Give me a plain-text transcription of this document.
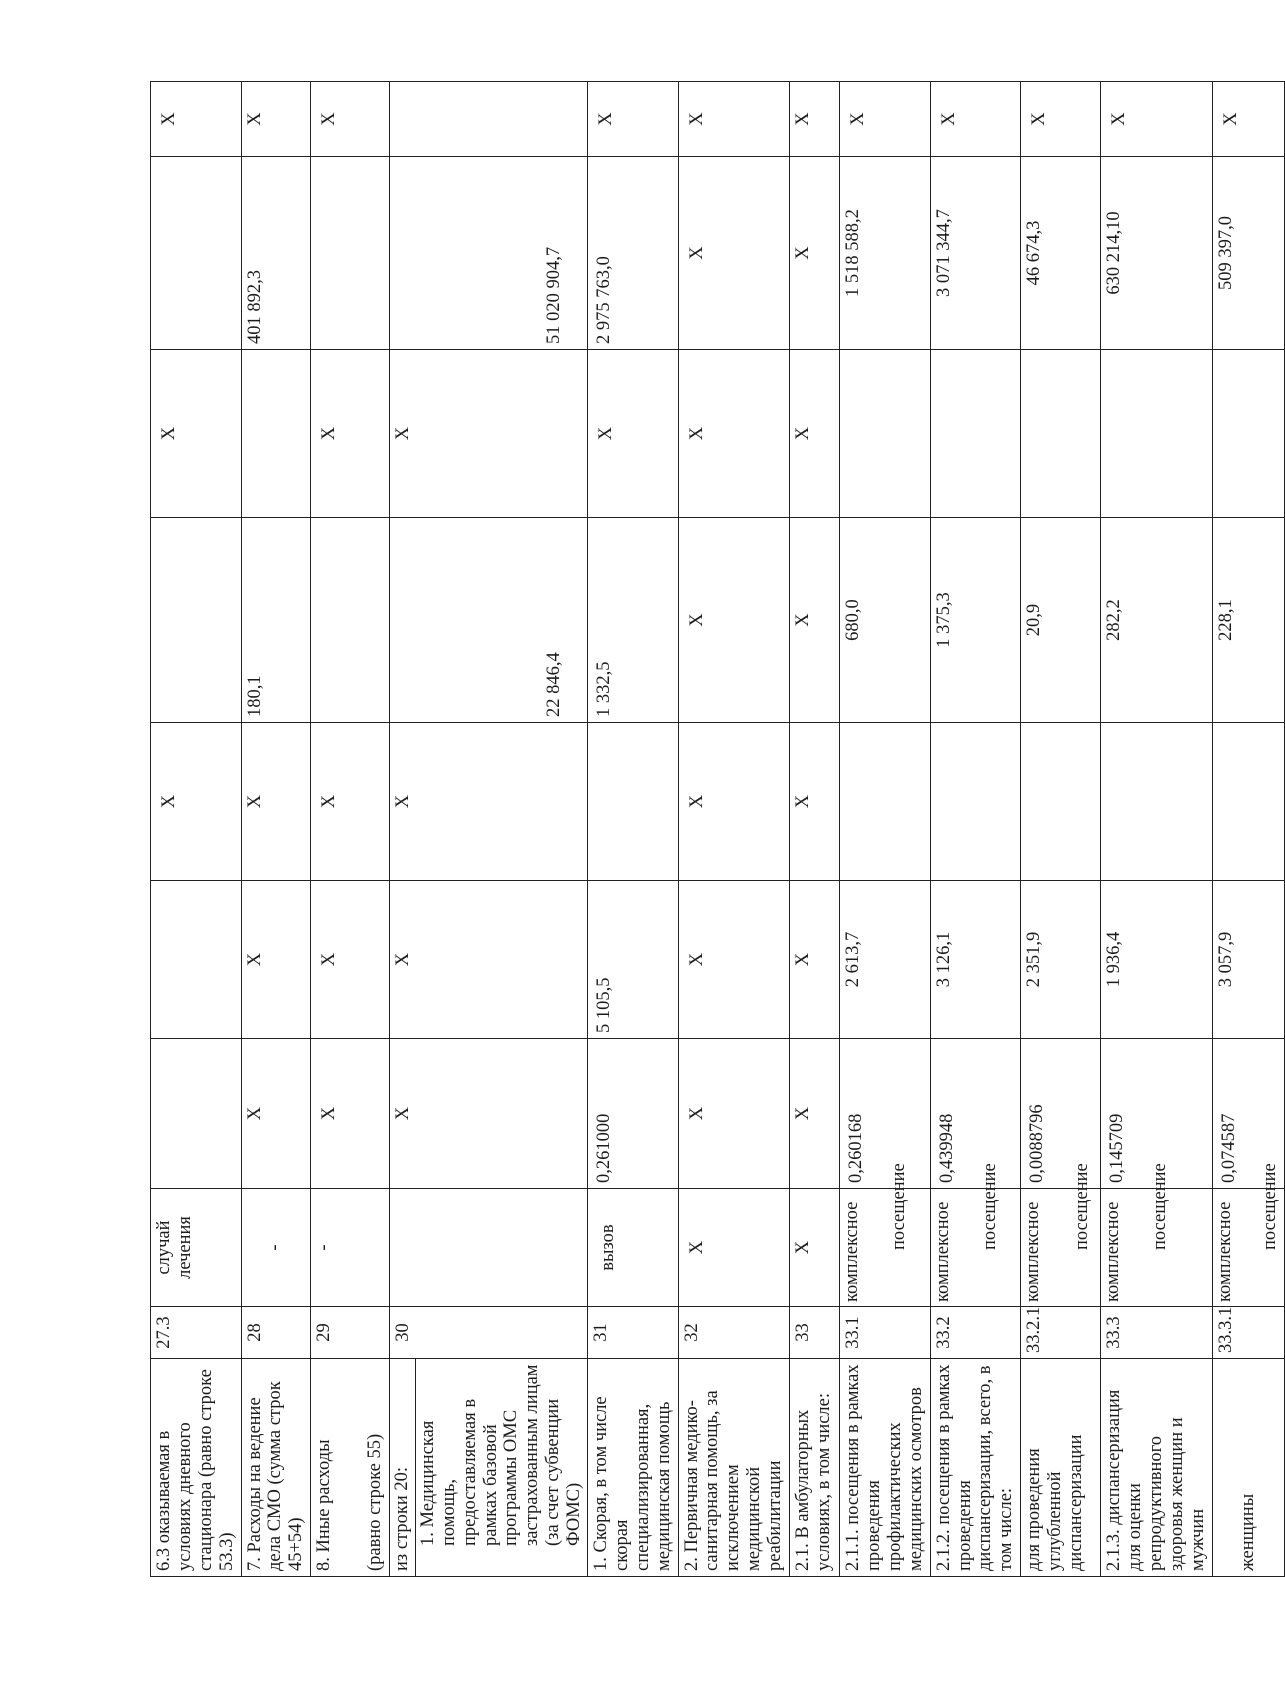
6.3 оказываемая в условиях дневного стационара (равно строке 53.3)	27.3	случай лечения			X		X		X
7. Расходы на ведение дела СМО (сумма строк 45+54)	28	-	X	X	X	180,1		401 892,3	X
8. Иные расходы (равно строке 55)	29	-	X	X	X		X		X

из строки 20: 1. Медицинская помощь, предоставляемая в рамках базовой программы ОМС застрахованным лицам (за счет субвенции ФОМС)	30		X	X	X	22 846,4	X	51 020 904,7	
1. Скорая, в том числе скорая специализированная, медицинская помощь	31	вызов	0,261000	5 105,5		1 332,5	X	2 975 763,0	X
2. Первичная медико-санитарная помощь, за исключением медицинской реабилитации	32	X	X	X	X	X	X	X	X
2.1. В амбулаторных условиях, в том числе:	33	X	X	X	X	X	X	X	X
2.1.1. посещения в рамках проведения профилактических медицинских осмотров	33.1	комплексное посещение	0,260168	2 613,7		680,0		1 518 588,2	X
2.1.2. посещения в рамках проведения диспансеризации, всего, в том числе:	33.2	комплексное посещение	0,439948	3 126,1		1 375,3		3 071 344,7	X
для проведения углубленной диспансеризации	33.2.1	комплексное посещение	0,0088796	2 351,9		20,9		46 674,3	X
2.1.3. диспансеризация для оценки репродуктивного здоровья женщин и мужчин	33.3	комплексное посещение	0,145709	1 936,4		282,2		630 214,10	X
женщины	33.3.1	комплексное посещение	0,074587	3 057,9		228,1		509 397,0	X
